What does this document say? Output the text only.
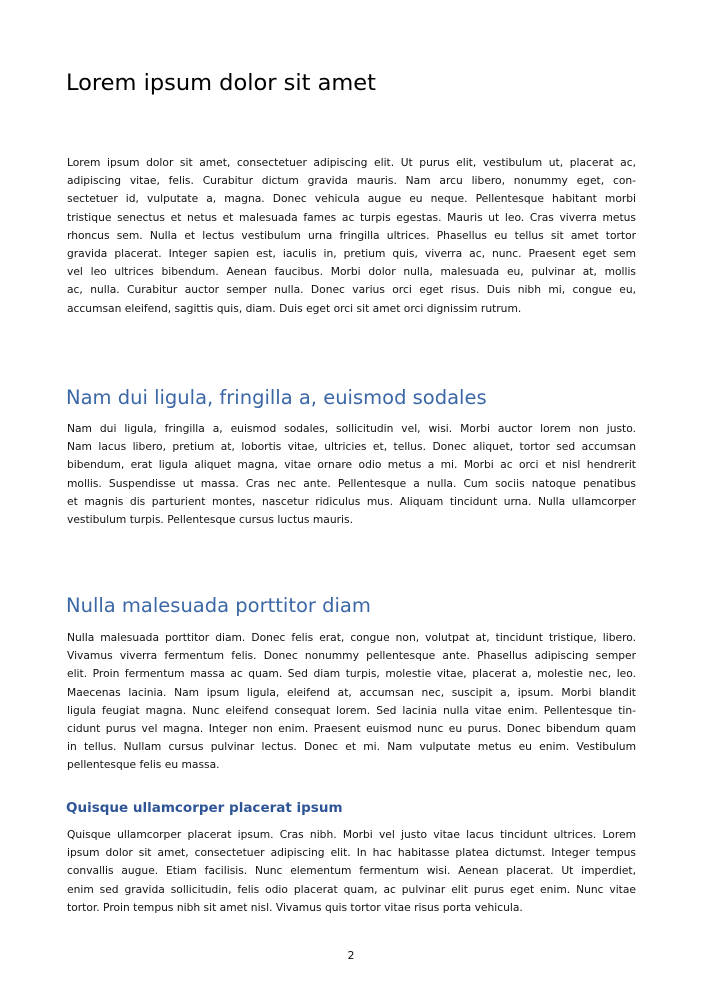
Lorem ipsum dolor sit amet
Lorem ipsum dolor sit amet, consectetuer adipiscing elit. Ut purus elit, vestibulum ut, placerat ac,
adipiscing vitae, felis. Curabitur dictum gravida mauris. Nam arcu libero, nonummy eget, con-
sectetuer id, vulputate a, magna. Donec vehicula augue eu neque. Pellentesque habitant morbi
tristique senectus et netus et malesuada fames ac turpis egestas. Mauris ut leo. Cras viverra metus
rhoncus sem. Nulla et lectus vestibulum urna fringilla ultrices. Phasellus eu tellus sit amet tortor
gravida placerat. Integer sapien est, iaculis in, pretium quis, viverra ac, nunc. Praesent eget sem
vel leo ultrices bibendum. Aenean faucibus. Morbi dolor nulla, malesuada eu, pulvinar at, mollis
ac, nulla. Curabitur auctor semper nulla. Donec varius orci eget risus. Duis nibh mi, congue eu,
accumsan eleifend, sagittis quis, diam. Duis eget orci sit amet orci dignissim rutrum.
Nam dui ligula, fringilla a, euismod sodales
Nam dui ligula, fringilla a, euismod sodales, sollicitudin vel, wisi. Morbi auctor lorem non justo.
Nam lacus libero, pretium at, lobortis vitae, ultricies et, tellus. Donec aliquet, tortor sed accumsan
bibendum, erat ligula aliquet magna, vitae ornare odio metus a mi. Morbi ac orci et nisl hendrerit
mollis. Suspendisse ut massa. Cras nec ante. Pellentesque a nulla. Cum sociis natoque penatibus
et magnis dis parturient montes, nascetur ridiculus mus. Aliquam tincidunt urna. Nulla ullamcorper
vestibulum turpis. Pellentesque cursus luctus mauris.
Nulla malesuada porttitor diam
Nulla malesuada porttitor diam. Donec felis erat, congue non, volutpat at, tincidunt tristique, libero.
Vivamus viverra fermentum felis. Donec nonummy pellentesque ante. Phasellus adipiscing semper
elit. Proin fermentum massa ac quam. Sed diam turpis, molestie vitae, placerat a, molestie nec, leo.
Maecenas lacinia. Nam ipsum ligula, eleifend at, accumsan nec, suscipit a, ipsum. Morbi blandit
ligula feugiat magna. Nunc eleifend consequat lorem. Sed lacinia nulla vitae enim. Pellentesque tin-
cidunt purus vel magna. Integer non enim. Praesent euismod nunc eu purus. Donec bibendum quam
in tellus. Nullam cursus pulvinar lectus. Donec et mi. Nam vulputate metus eu enim. Vestibulum
pellentesque felis eu massa.
Quisque ullamcorper placerat ipsum
Quisque ullamcorper placerat ipsum. Cras nibh. Morbi vel justo vitae lacus tincidunt ultrices. Lorem
ipsum dolor sit amet, consectetuer adipiscing elit. In hac habitasse platea dictumst. Integer tempus
convallis augue. Etiam facilisis. Nunc elementum fermentum wisi. Aenean placerat. Ut imperdiet,
enim sed gravida sollicitudin, felis odio placerat quam, ac pulvinar elit purus eget enim. Nunc vitae
tortor. Proin tempus nibh sit amet nisl. Vivamus quis tortor vitae risus porta vehicula.
2
